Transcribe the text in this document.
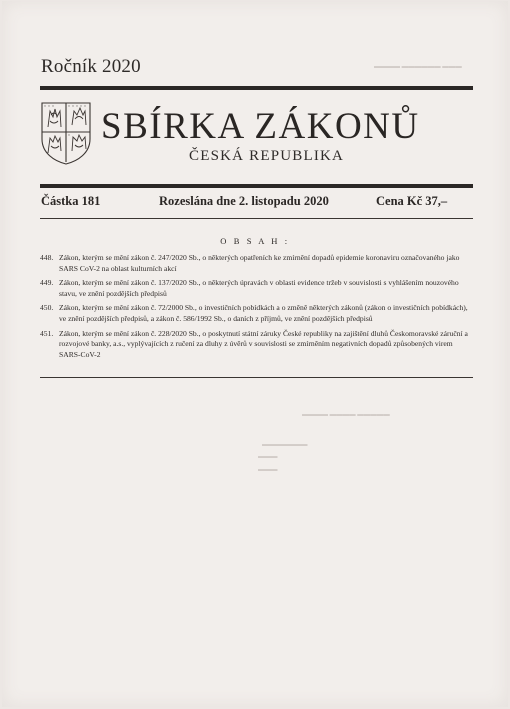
▬▬▬▬ ▬▬▬▬▬▬ ▬▬▬
▬▬▬▬ ▬▬▬▬ ▬▬▬▬▬
▬▬▬▬▬▬▬
▬▬▬
▬▬▬
Ročník 2020
SBÍRKA ZÁKONŮ
ČESKÁ REPUBLIKA
Částka 181	Rozeslána dne 2. listopadu 2020	Cena Kč 37,–
O B S A H :
448. Zákon, kterým se mění zákon č. 247/2020 Sb., o některých opatřeních ke zmírnění dopadů epidemie koronaviru označovaného jako SARS CoV-2 na oblast kulturních akcí
449. Zákon, kterým se mění zákon č. 137/2020 Sb., o některých úpravách v oblasti evidence tržeb v souvislosti s vyhlášením nouzového stavu, ve znění pozdějších předpisů
450. Zákon, kterým se mění zákon č. 72/2000 Sb., o investičních pobídkách a o změně některých zákonů (zákon o investičních pobídkách), ve znění pozdějších předpisů, a zákon č. 586/1992 Sb., o daních z příjmů, ve znění pozdějších předpisů
451. Zákon, kterým se mění zákon č. 228/2020 Sb., o poskytnutí státní záruky České republiky na zajištění dluhů Českomoravské záruční a rozvojové banky, a.s., vyplývajících z ručení za dluhy z úvěrů v souvislosti se zmírněním negativních dopadů způsobených virem SARS-CoV-2
